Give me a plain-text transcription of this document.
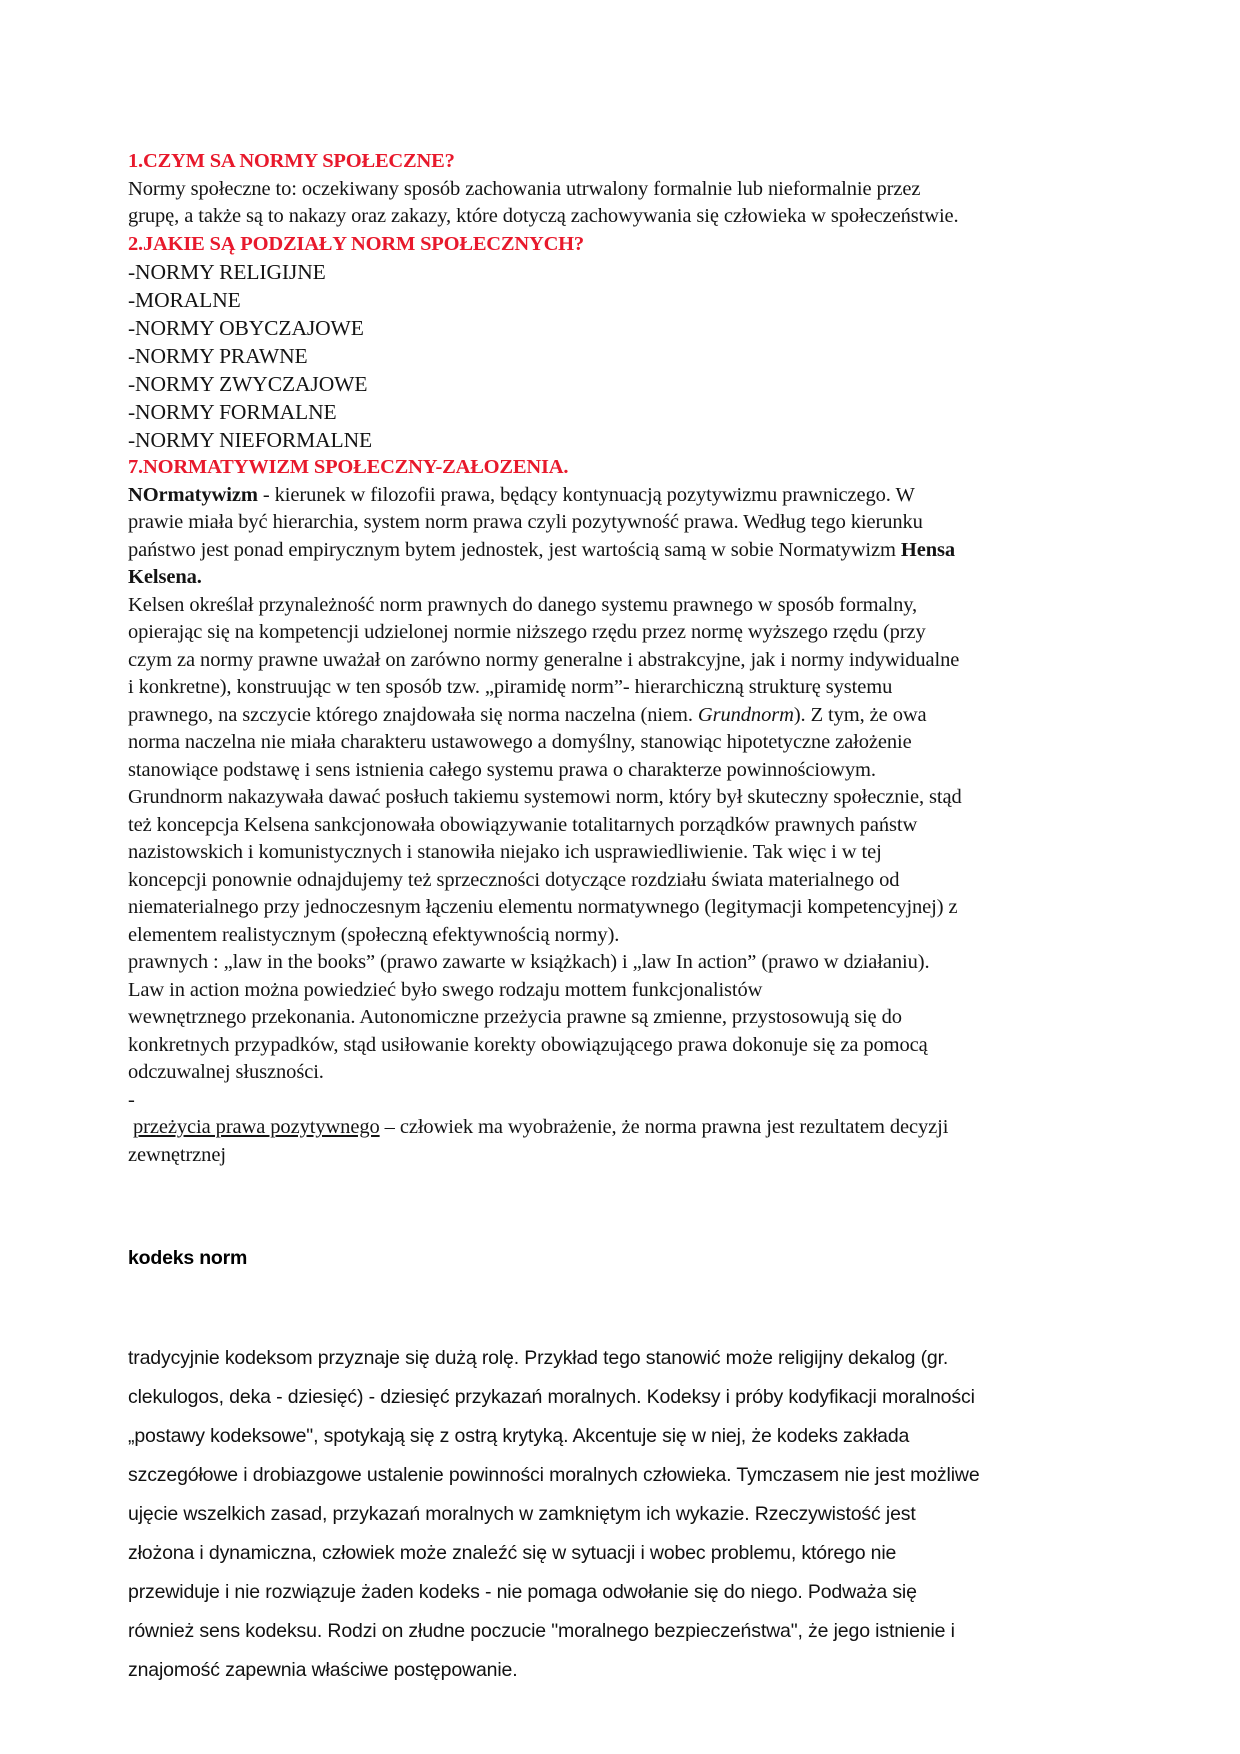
1.CZYM SA NORMY SPOŁECZNE?

Normy społeczne to: oczekiwany sposób zachowania utrwalony formalnie lub nieformalnie przez

grupę, a także są to nakazy oraz zakazy, które dotyczą zachowywania się człowieka w społeczeństwie.

2.JAKIE SĄ PODZIAŁY NORM SPOŁECZNYCH?

-NORMY RELIGIJNE

-MORALNE

-NORMY OBYCZAJOWE

-NORMY PRAWNE

-NORMY ZWYCZAJOWE

-NORMY FORMALNE

-NORMY NIEFORMALNE

7.NORMATYWIZM SPOŁECZNY-ZAŁOZENIA.

NOrmatywizm - kierunek w filozofii prawa, będący kontynuacją pozytywizmu prawniczego. W

prawie miała być hierarchia, system norm prawa czyli pozytywność prawa. Według tego kierunku

państwo jest ponad empirycznym bytem jednostek, jest wartością samą w sobie Normatywizm Hensa

Kelsena.

Kelsen określał przynależność norm prawnych do danego systemu prawnego w sposób formalny,

opierając się na kompetencji udzielonej normie niższego rzędu przez normę wyższego rzędu (przy

czym za normy prawne uważał on zarówno normy generalne i abstrakcyjne, jak i normy indywidualne

i konkretne), konstruując w ten sposób tzw. „piramidę norm”- hierarchiczną strukturę systemu

prawnego, na szczycie którego znajdowała się norma naczelna (niem. Grundnorm). Z tym, że owa

norma naczelna nie miała charakteru ustawowego a domyślny, stanowiąc hipotetyczne założenie

stanowiące podstawę i sens istnienia całego systemu prawa o charakterze powinnościowym.

Grundnorm nakazywała dawać posłuch takiemu systemowi norm, który był skuteczny społecznie, stąd

też koncepcja Kelsena sankcjonowała obowiązywanie totalitarnych porządków prawnych państw

nazistowskich i komunistycznych i stanowiła niejako ich usprawiedliwienie. Tak więc i w tej

koncepcji ponownie odnajdujemy też sprzeczności dotyczące rozdziału świata materialnego od

niematerialnego przy jednoczesnym łączeniu elementu normatywnego (legitymacji kompetencyjnej) z

elementem realistycznym (społeczną efektywnością normy).

prawnych : „law in the books” (prawo zawarte w książkach) i „law In action” (prawo w działaniu).

Law in action można powiedzieć było swego rodzaju mottem funkcjonalistów

wewnętrznego przekonania. Autonomiczne przeżycia prawne są zmienne, przystosowują się do

konkretnych przypadków, stąd usiłowanie korekty obowiązującego prawa dokonuje się za pomocą

odczuwalnej słuszności.

-

przeżycia prawa pozytywnego – człowiek ma wyobrażenie, że norma prawna jest rezultatem decyzji

zewnętrznej

kodeks norm

tradycyjnie kodeksom przyznaje się dużą rolę. Przykład tego stanowić może religijny dekalog (gr.

clekulogos, deka - dziesięć) - dziesięć przykazań moralnych. Kodeksy i próby kodyfikacji moralności

„postawy kodeksowe", spotykają się z ostrą krytyką. Akcentuje się w niej, że kodeks zakłada

szczegółowe i drobiazgowe ustalenie powinności moralnych człowieka. Tymczasem nie jest możliwe

ujęcie wszelkich zasad, przykazań moralnych w zamkniętym ich wykazie. Rzeczywistość jest

złożona i dynamiczna, człowiek może znaleźć się w sytuacji i wobec problemu, którego nie

przewiduje i nie rozwiązuje żaden kodeks - nie pomaga odwołanie się do niego. Podważa się

również sens kodeksu. Rodzi on złudne poczucie "moralnego bezpieczeństwa", że jego istnienie i

znajomość zapewnia właściwe postępowanie.
